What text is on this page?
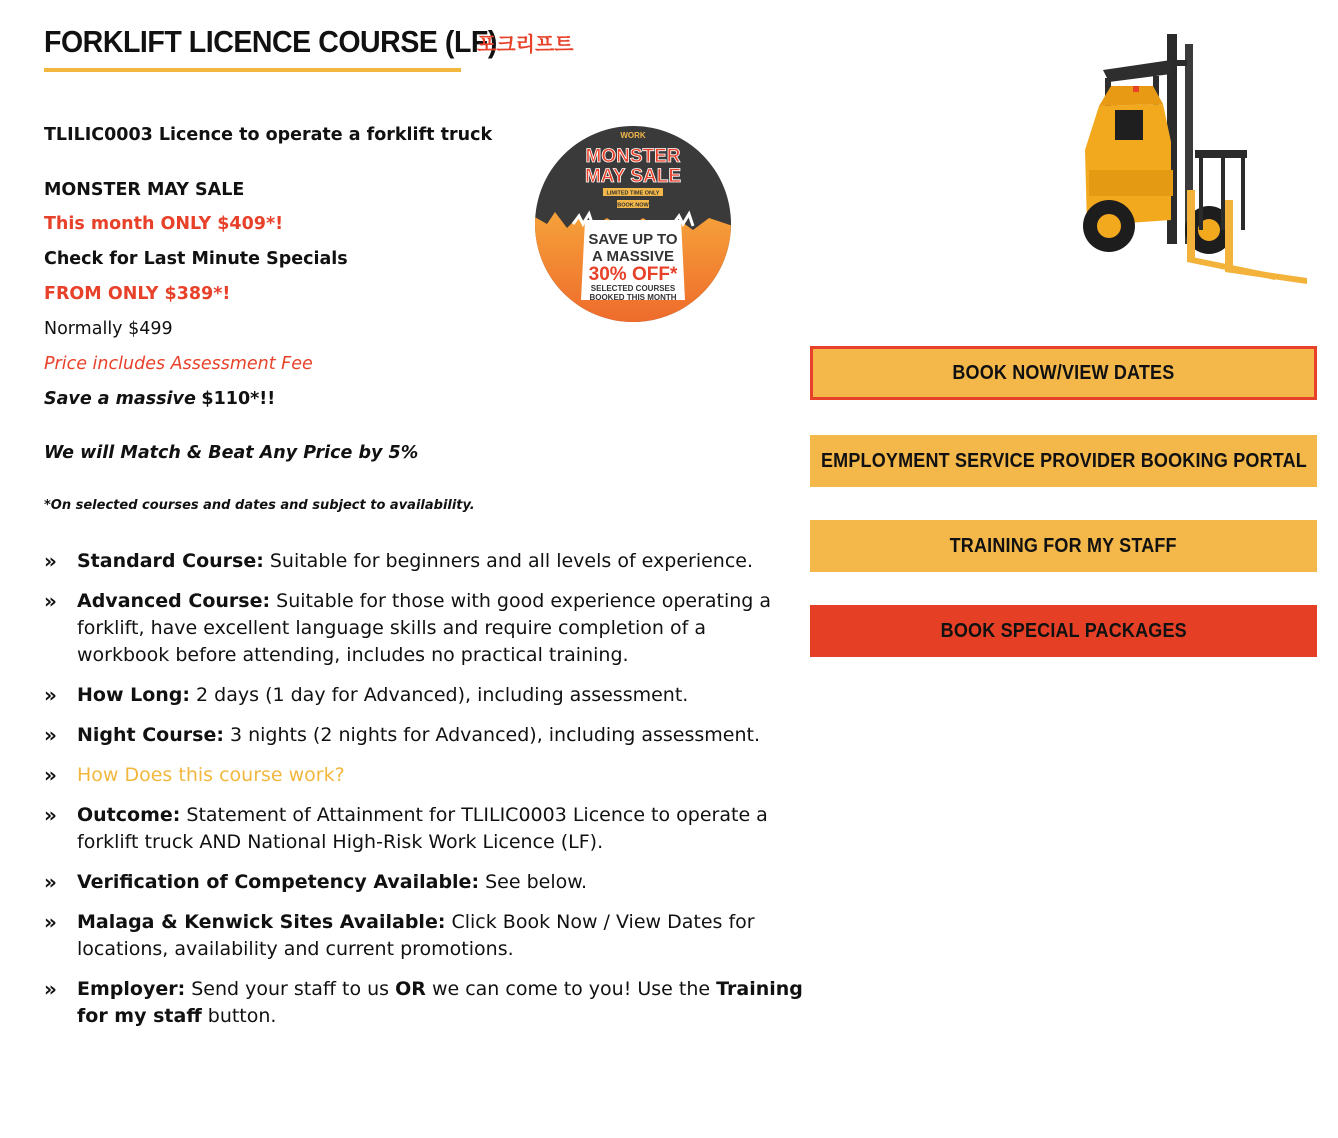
FORKLIFT LICENCE COURSE (LF)
포크리프트
TLILIC0003 Licence to operate a forklift truck
MONSTER MAY SALE
This month ONLY $409*!
Check for Last Minute Specials
FROM ONLY $389*!
Normally $499
Price includes Assessment Fee
Save a massive $110*!!
We will Match & Beat Any Price by 5%
*On selected courses and dates and subject to availability.
WORK
MONSTER
MAY SALE
LIMITED TIME ONLY
BOOK NOW
SAVE UP TO
A MASSIVE
30% OFF*
SELECTED COURSES
BOOKED THIS MONTH
BOOK NOW/VIEW DATES
EMPLOYMENT SERVICE PROVIDER BOOKING PORTAL
TRAINING FOR MY STAFF
BOOK SPECIAL PACKAGES
» Standard Course: Suitable for beginners and all levels of experience.
» Advanced Course: Suitable for those with good experience operating a forklift, have excellent language skills and require completion of a workbook before attending, includes no practical training.
» How Long: 2 days (1 day for Advanced), including assessment.
» Night Course: 3 nights (2 nights for Advanced), including assessment.
» How Does this course work?
» Outcome: Statement of Attainment for TLILIC0003 Licence to operate a forklift truck AND National High-Risk Work Licence (LF).
» Verification of Competency Available: See below.
» Malaga & Kenwick Sites Available: Click Book Now / View Dates for locations, availability and current promotions.
» Employer: Send your staff to us OR we can come to you! Use the Training for my staff button.
